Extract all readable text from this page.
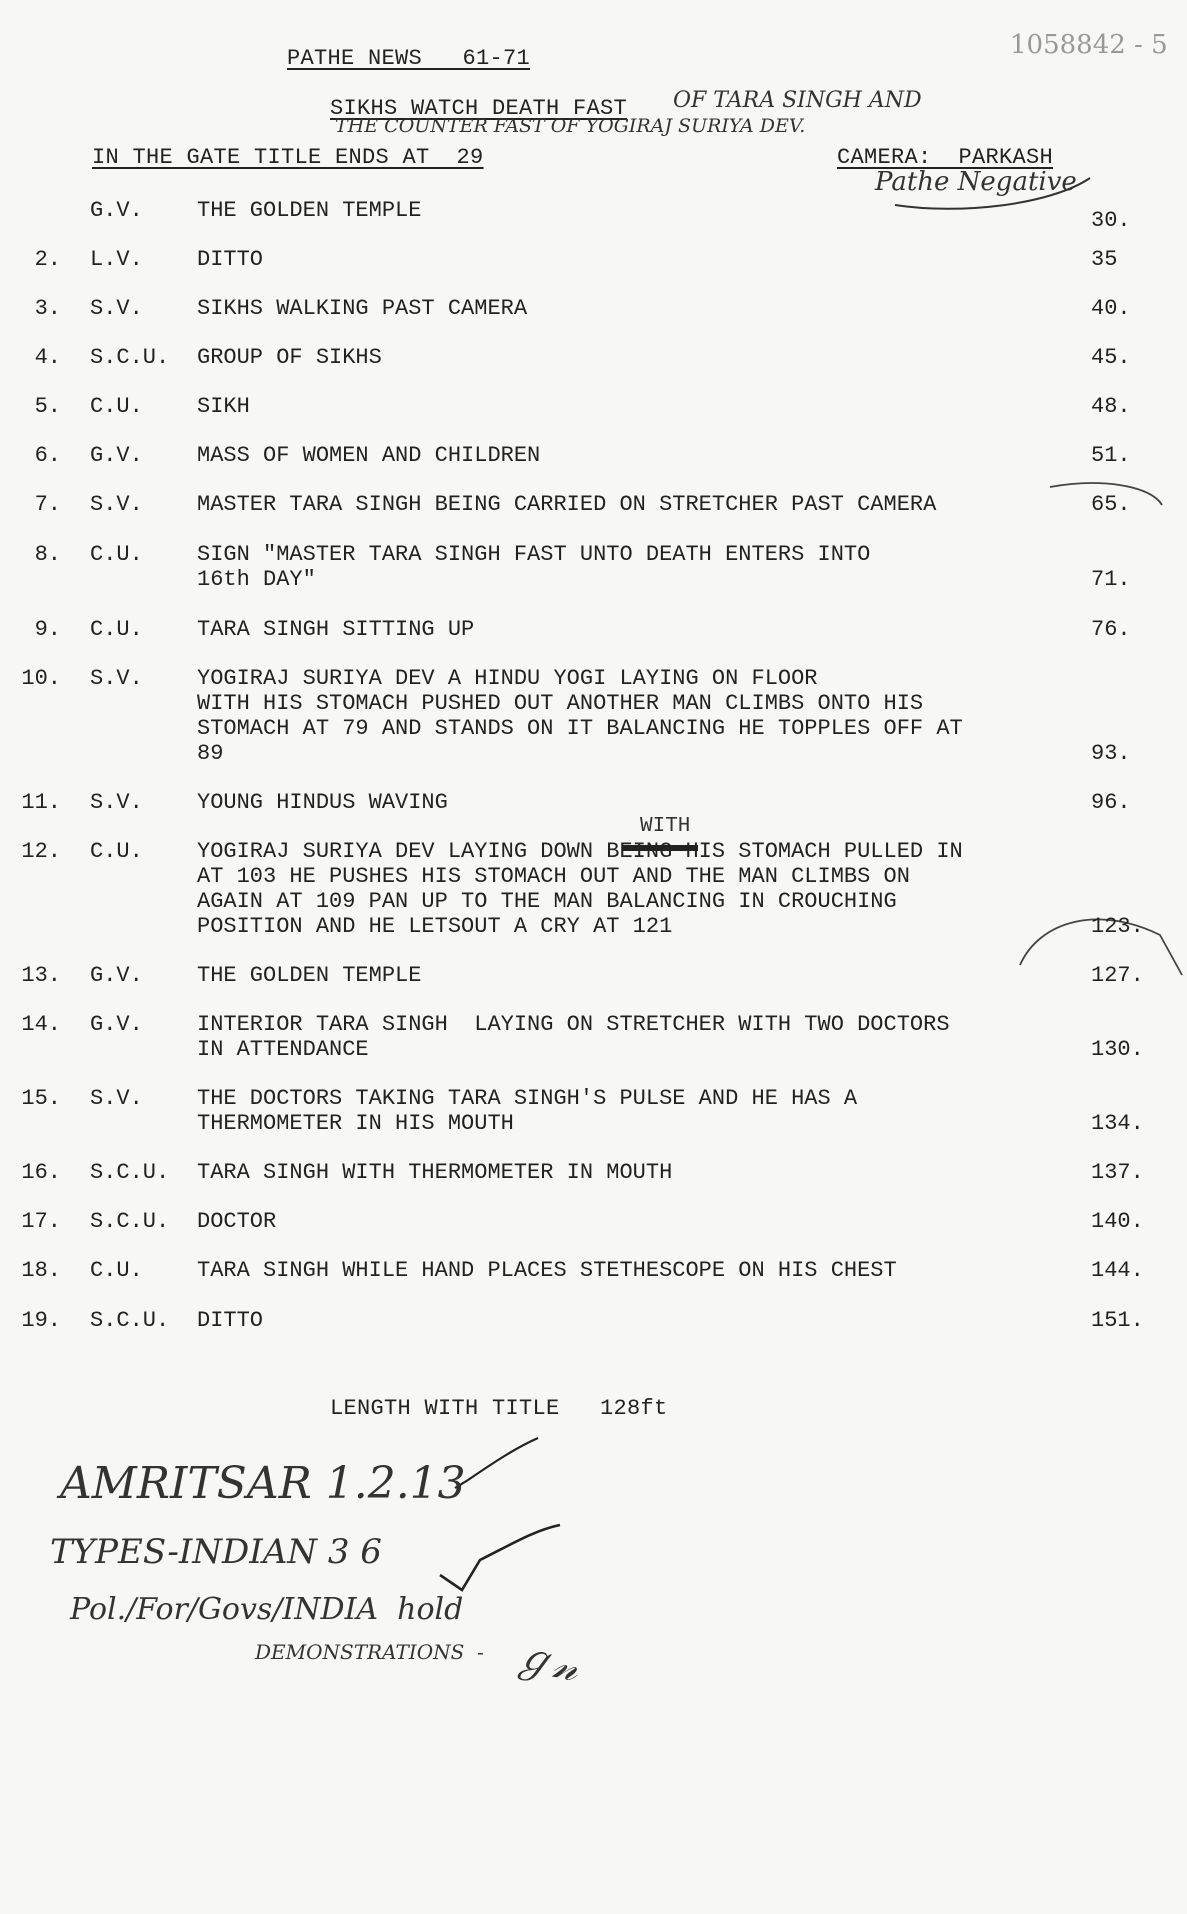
PATHE NEWS   61-71	1058842 - 5
SIKHS WATCH DEATH FAST OF TARA SINGH AND
THE COUNTER FAST OF YOGIRAJ SURIYA DEV.
IN THE GATE TITLE ENDS AT  29	CAMERA:  PARKASH
Pathe Negative
G.V. THE GOLDEN TEMPLE	30.
2. L.V. DITTO	35
3. S.V. SIKHS WALKING PAST CAMERA	40.
4. S.C.U. GROUP OF SIKHS	45.
5. C.U. SIKH	48.
6. G.V. MASS OF WOMEN AND CHILDREN	51.
7. S.V. MASTER TARA SINGH BEING CARRIED ON STRETCHER PAST CAMERA	65.
8. C.U. SIGN "MASTER TARA SINGH FAST UNTO DEATH ENTERS INTO
16th DAY"	71.
9. C.U. TARA SINGH SITTING UP	76.
10. S.V. YOGIRAJ SURIYA DEV A HINDU YOGI LAYING ON FLOOR
WITH HIS STOMACH PUSHED OUT ANOTHER MAN CLIMBS ONTO HIS
STOMACH AT 79 AND STANDS ON IT BALANCING HE TOPPLES OFF AT
89	93.
11. S.V. YOUNG HINDUS WAVING	96.
12. C.U. YOGIRAJ SURIYA DEV LAYING DOWN BEING HIS STOMACH PULLED IN
AT 103 HE PUSHES HIS STOMACH OUT AND THE MAN CLIMBS ON
AGAIN AT 109 PAN UP TO THE MAN BALANCING IN CROUCHING
POSITION AND HE LETSOUT A CRY AT 121	123.
13. G.V. THE GOLDEN TEMPLE	127.
14. G.V. INTERIOR TARA SINGH  LAYING ON STRETCHER WITH TWO DOCTORS
IN ATTENDANCE	130.
15. S.V. THE DOCTORS TAKING TARA SINGH'S PULSE AND HE HAS A
THERMOMETER IN HIS MOUTH	134.
16. S.C.U. TARA SINGH WITH THERMOMETER IN MOUTH	137.
17. S.C.U. DOCTOR	140.
18. C.U. TARA SINGH WHILE HAND PLACES STETHESCOPE ON HIS CHEST	144.
19. S.C.U. DITTO	151.
WITH
LENGTH WITH TITLE   128ft
AMRITSAR 1.2.13
TYPES-INDIAN 3 6
Pol./For/Govs/INDIA  hold
DEMONSTRATIONS  - ℊ𝓃
